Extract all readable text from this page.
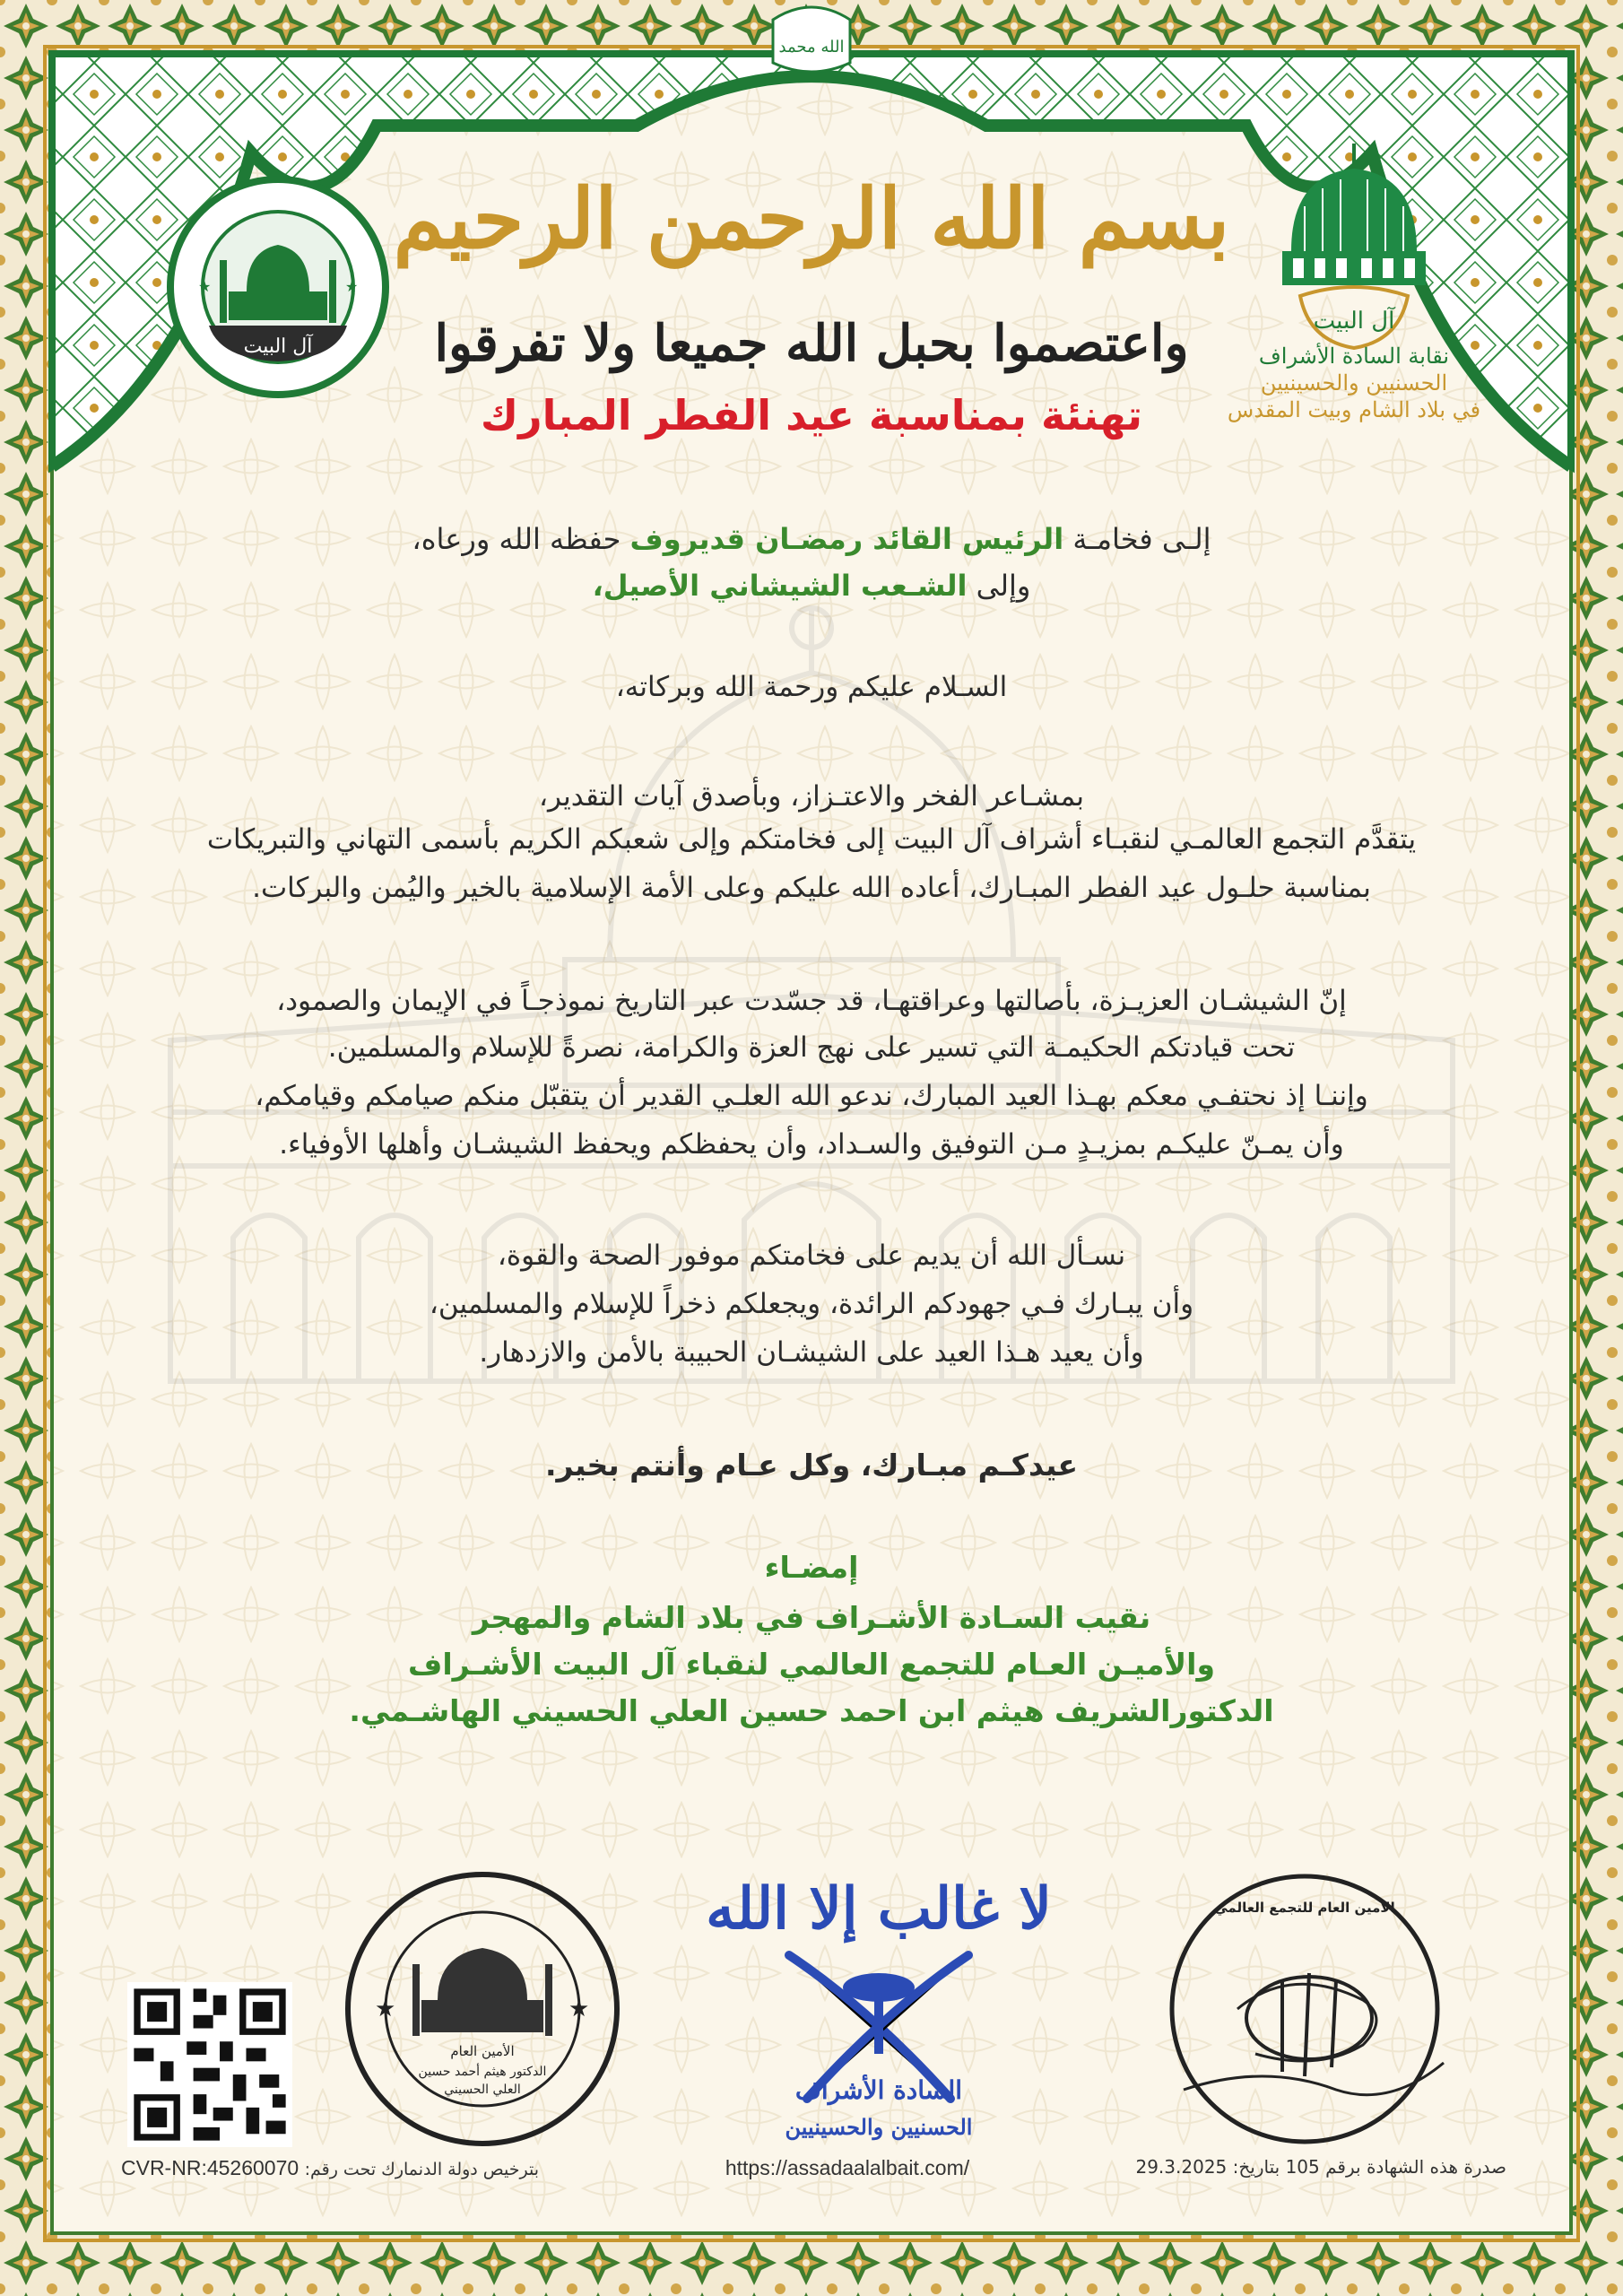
الله محمد
آل البيت
★	★
آل البيت
نقابة السادة الأشراف
الحسنيين والحسينيين
في بلاد الشام وبيت المقدس
بسم الله الرحمن الرحيم
واعتصموا بحبل الله جميعا ولا تفرقوا
تهنئة بمناسبة عيد الفطر المبارك
إلـى فخامـة الرئيس القائد رمضـان قديروف حفظه الله ورعاه،
وإلى الشـعب الشيشاني الأصيل،
السـلام عليكم ورحمة الله وبركاته،
بمشـاعر الفخر والاعتـزاز، وبأصدق آيات التقدير،
يتقدَّم التجمع العالمـي لنقبـاء أشراف آل البيت إلى فخامتكم وإلى شعبكم الكريم بأسمى التهاني والتبريكات
بمناسبة حلـول عيد الفطر المبـارك، أعاده الله عليكم وعلى الأمة الإسلامية بالخير واليُمن والبركات.
إنّ الشيشـان العزيـزة، بأصالتها وعراقتهـا، قد جسّدت عبر التاريخ نموذجـاً في الإيمان والصمود،
تحت قيادتكم الحكيمـة التي تسير على نهج العزة والكرامة، نصرةً للإسلام والمسلمين.
وإننـا إذ نحتفـي معكم بهـذا العيد المبارك، ندعو الله العلـي القدير أن يتقبّل منكم صيامكم وقيامكم،
وأن يمـنّ عليكـم بمزيـدٍ مـن التوفيق والسـداد، وأن يحفظكم ويحفظ الشيشـان وأهلها الأوفياء.
نسـأل الله أن يديم على فخامتكم موفور الصحة والقوة،
وأن يبـارك فـي جهودكم الرائدة، ويجعلكم ذخراً للإسلام والمسلمين،
وأن يعيد هـذا العيد على الشيشـان الحبيبة بالأمن والازدهار.
عيدكـم مبـارك، وكل عـام وأنتم بخير.
إمضـاء
نقيب السـادة الأشـراف في بلاد الشام والمهجر
والأميـن العـام للتجمع العالمي لنقباء آل البيت الأشـراف
الدكتورالشريف هيثم ابن احمد حسين العلي الحسيني الهاشـمي.
★	★
الأمين العام
الدكتور هيثم أحمد حسين
العلي الحسيني
لا غالب إلا الله
السادة الأشراف
الحسنيين والحسينيين
الأمين العام للتجمع العالمي
بترخيص دولة الدنمارك تحت رقم: CVR-NR:45260070	https://assadaalalbait.com/	صدرة هذه الشهادة برقم 105 بتاريخ: 29.3.2025
